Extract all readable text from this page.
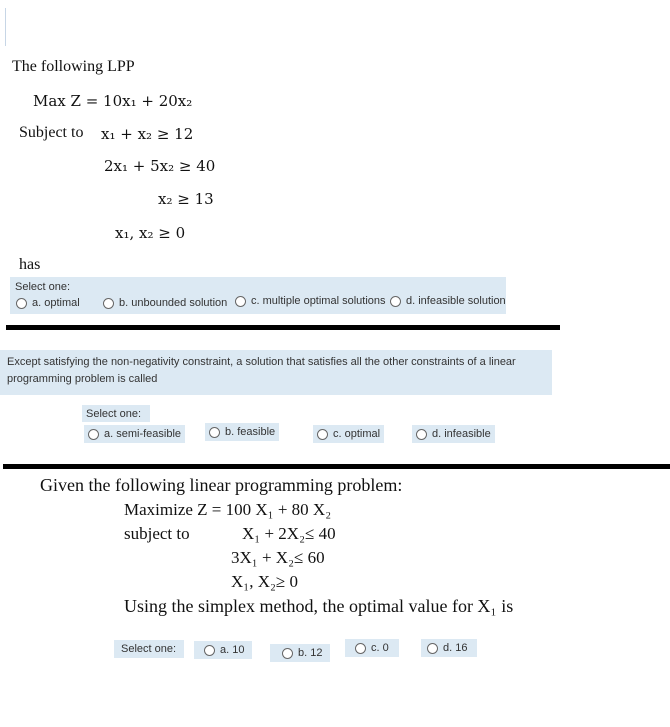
The following LPP
Max Z = 10x₁ + 20x₂
Subject to x₁ + x₂ ≥ 12
2x₁ + 5x₂ ≥ 40
x₂ ≥ 13
x₁, x₂ ≥ 0
has
Select one:
a. optimal	b. unbounded solution c. multiple optimal solutions d. infeasible solution
Except satisfying the non-negativity constraint, a solution that satisfies all the other constraints of a linear
programming problem is called
Select one:
a. semi-feasible	b. feasible	c. optimal	d. infeasible
Given the following linear programming problem:
Maximize Z = 100 X₁ + 80 X₂
subject to	X₁ + 2X₂≤ 40
3X₁ + X₂≤ 60
X₁, X₂≥ 0
Using the simplex method, the optimal value for X₁ is
Select one:	a. 10	b. 12	c. 0	d. 16
